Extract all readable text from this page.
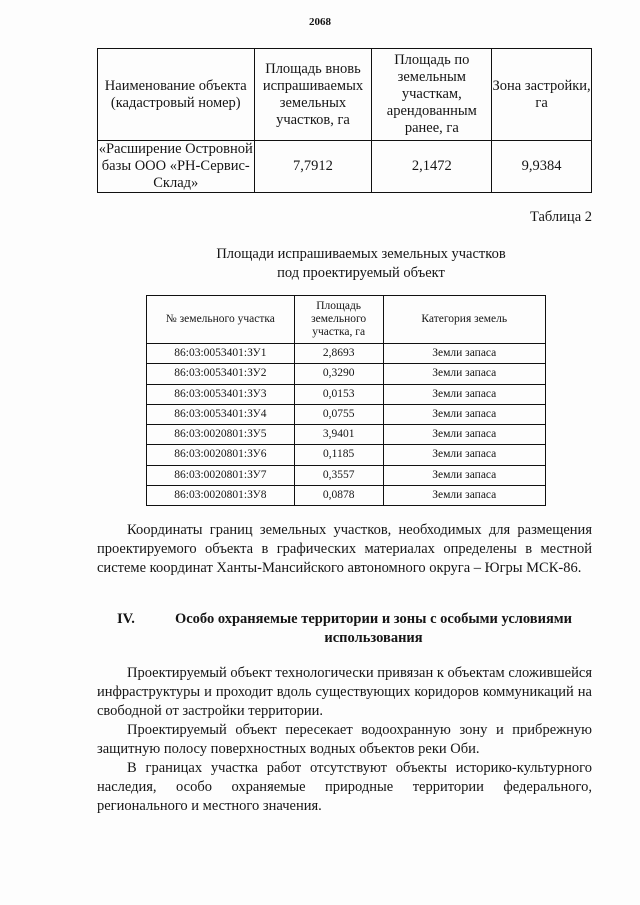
2068
Наименование объекта (кадастровый номер)	Площадь вновь испрашиваемых земельных участков, га	Площадь по земельным участкам, арендованным ранее, га	Зона застройки, га
«Расширение Островной базы ООО «РН-Сервис-Склад»	7,7912	2,1472	9,9384
Таблица 2
Площади испрашиваемых земельных участков
под проектируемый объект
№ земельного участка	Площадь земельного участка, га	Категория земель
86:03:0053401:ЗУ1	2,8693	Земли запаса
86:03:0053401:ЗУ2	0,3290	Земли запаса
86:03:0053401:ЗУ3	0,0153	Земли запаса
86:03:0053401:ЗУ4	0,0755	Земли запаса
86:03:0020801:ЗУ5	3,9401	Земли запаса
86:03:0020801:ЗУ6	0,1185	Земли запаса
86:03:0020801:ЗУ7	0,3557	Земли запаса
86:03:0020801:ЗУ8	0,0878	Земли запаса

Координаты границ земельных участков, необходимых для размещения проектируемого объекта в графических материалах определены в местной системе координат Ханты-Мансийского автономного округа – Югры МСК-86.

IV.	Особо охраняемые территории и зоны с особыми условиями использования

Проектируемый объект технологически привязан к объектам сложившейся инфраструктуры и проходит вдоль существующих коридоров коммуникаций на свободной от застройки территории.

Проектируемый объект пересекает водоохранную зону и прибрежную защитную полосу поверхностных водных объектов реки Оби.

В границах участка работ отсутствуют объекты историко-культурного наследия, особо охраняемые природные территории федерального, регионального и местного значения.
